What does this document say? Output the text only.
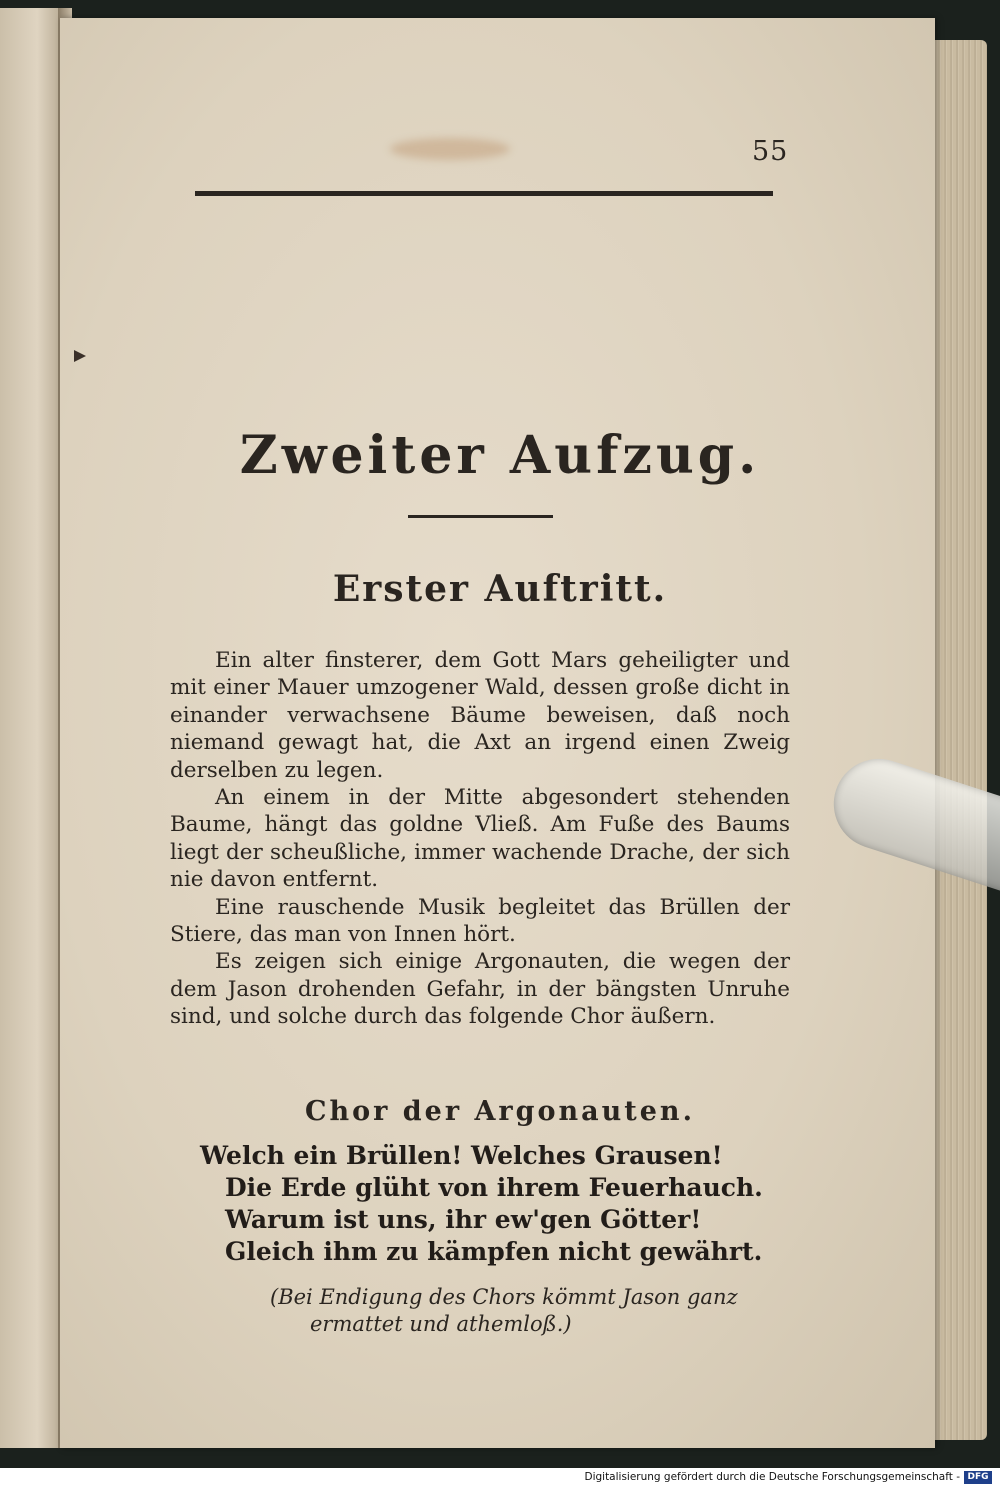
55
Zweiter Aufzug.
Erster Auftritt.

Ein alter finsterer, dem Gott Mars geheiligter und mit einer Mauer umzogener Wald, dessen große dicht in einander verwachsene Bäume beweisen, daß noch niemand gewagt hat, die Axt an irgend einen Zweig derselben zu legen.

An einem in der Mitte abgesondert stehenden Baume, hängt das goldne Vließ. Am Fuße des Baums liegt der scheußliche, immer wachende Drache, der sich nie davon entfernt.

Eine rauschende Musik begleitet das Brüllen der Stiere, das man von Innen hört.

Es zeigen sich einige Argonauten, die wegen der dem Jason drohenden Gefahr, in der bängsten Unruhe sind, und solche durch das folgende Chor äußern.

Chor der Argonauten.
Welch ein Brüllen! Welches Grausen!
Die Erde glüht von ihrem Feuerhauch.
Warum ist uns, ihr ew'gen Götter!
Gleich ihm zu kämpfen nicht gewährt.
(Bei Endigung des Chors kömmt Jason ganz
ermattet und athemloß.)
Digitalisierung gefördert durch die Deutsche Forschungsgemeinschaft - DFG
